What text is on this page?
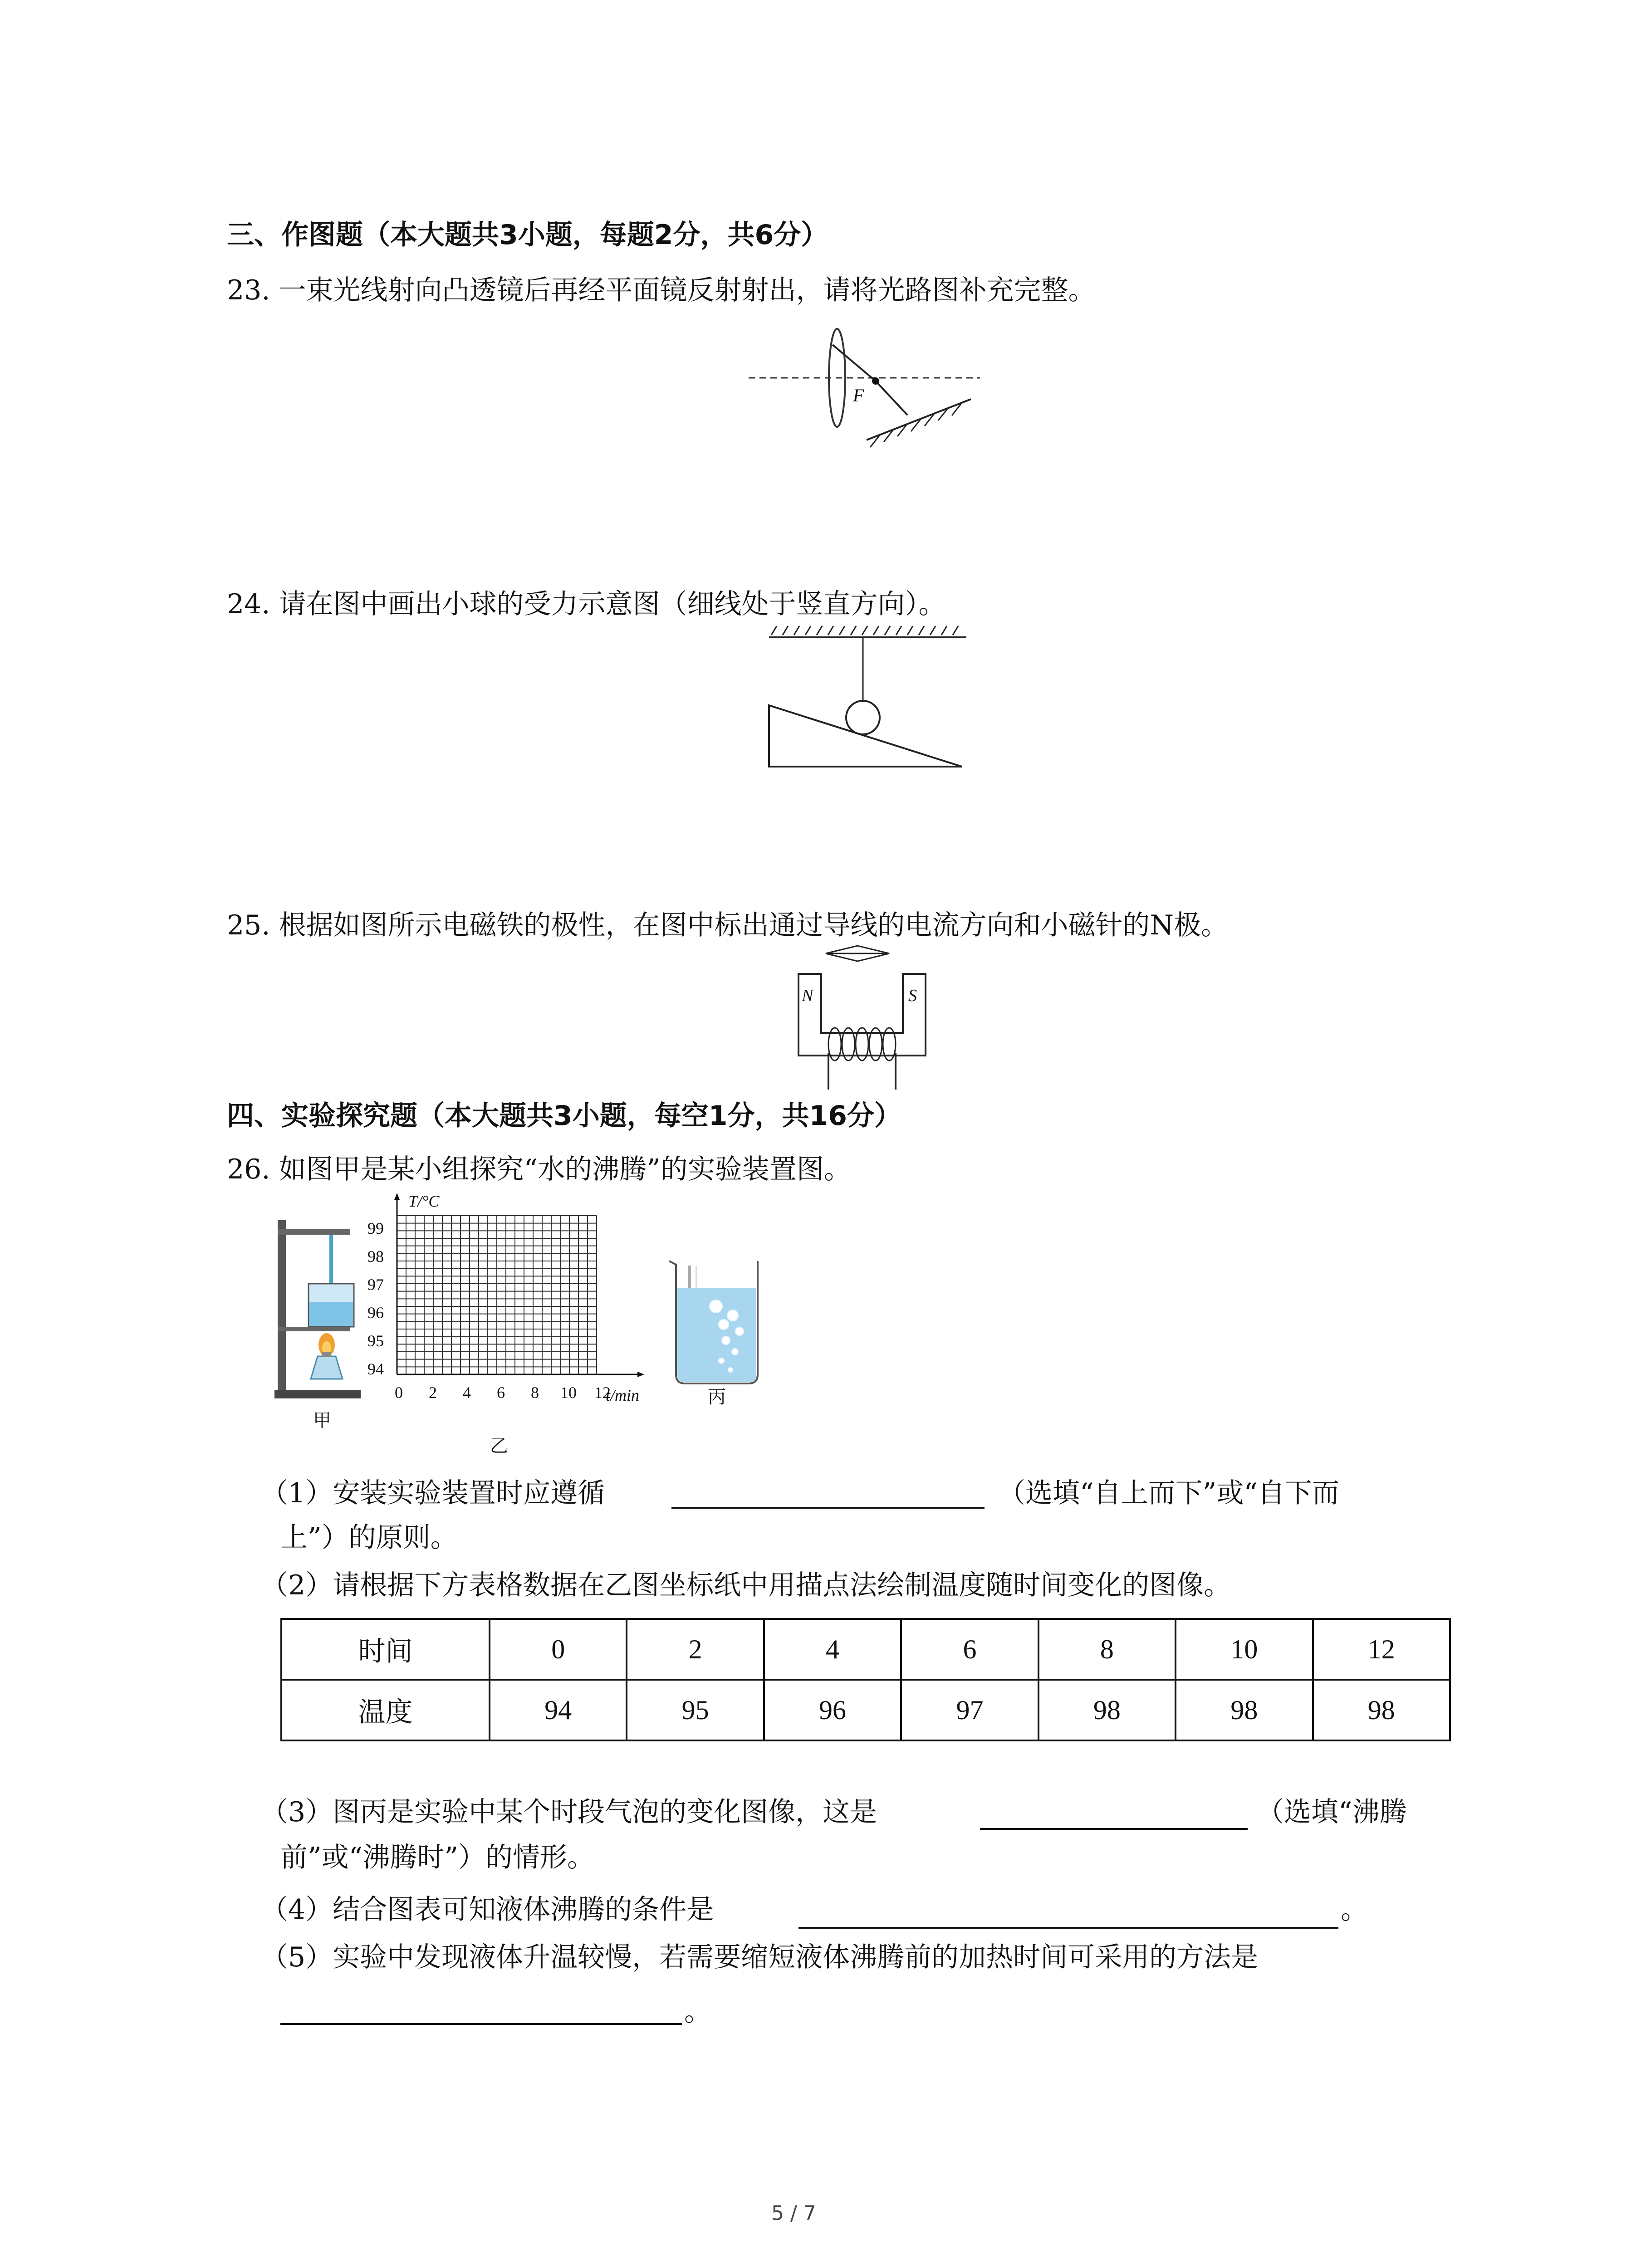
三、作图题（本大题共3小题，每题2分，共6分）
23. 一束光线射向凸透镜后再经平面镜反射射出，请将光路图补充完整。
F
24. 请在图中画出小球的受力示意图（细线处于竖直方向）。
25. 根据如图所示电磁铁的极性，在图中标出通过导线的电流方向和小磁针的N极。
N	S
四、实验探究题（本大题共3小题，每空1分，共16分）
26. 如图甲是某小组探究“水的沸腾”的实验装置图。
甲
T/°C
t/min
99
98
97
96
95
94
0 2 4 6 8 10 12
乙
丙
（1）安装实验装置时应遵循	（选填“自上而下”或“自下而
上”）的原则。
（2）请根据下方表格数据在乙图坐标纸中用描点法绘制温度随时间变化的图像。
时间	0	2	4	6	8	10	12
温度	94	95	96	97	98	98	98
（3）图丙是实验中某个时段气泡的变化图像，这是	（选填“沸腾
前”或“沸腾时”）的情形。
（4）结合图表可知液体沸腾的条件是	。
（5）实验中发现液体升温较慢，若需要缩短液体沸腾前的加热时间可采用的方法是
。
5 / 7
